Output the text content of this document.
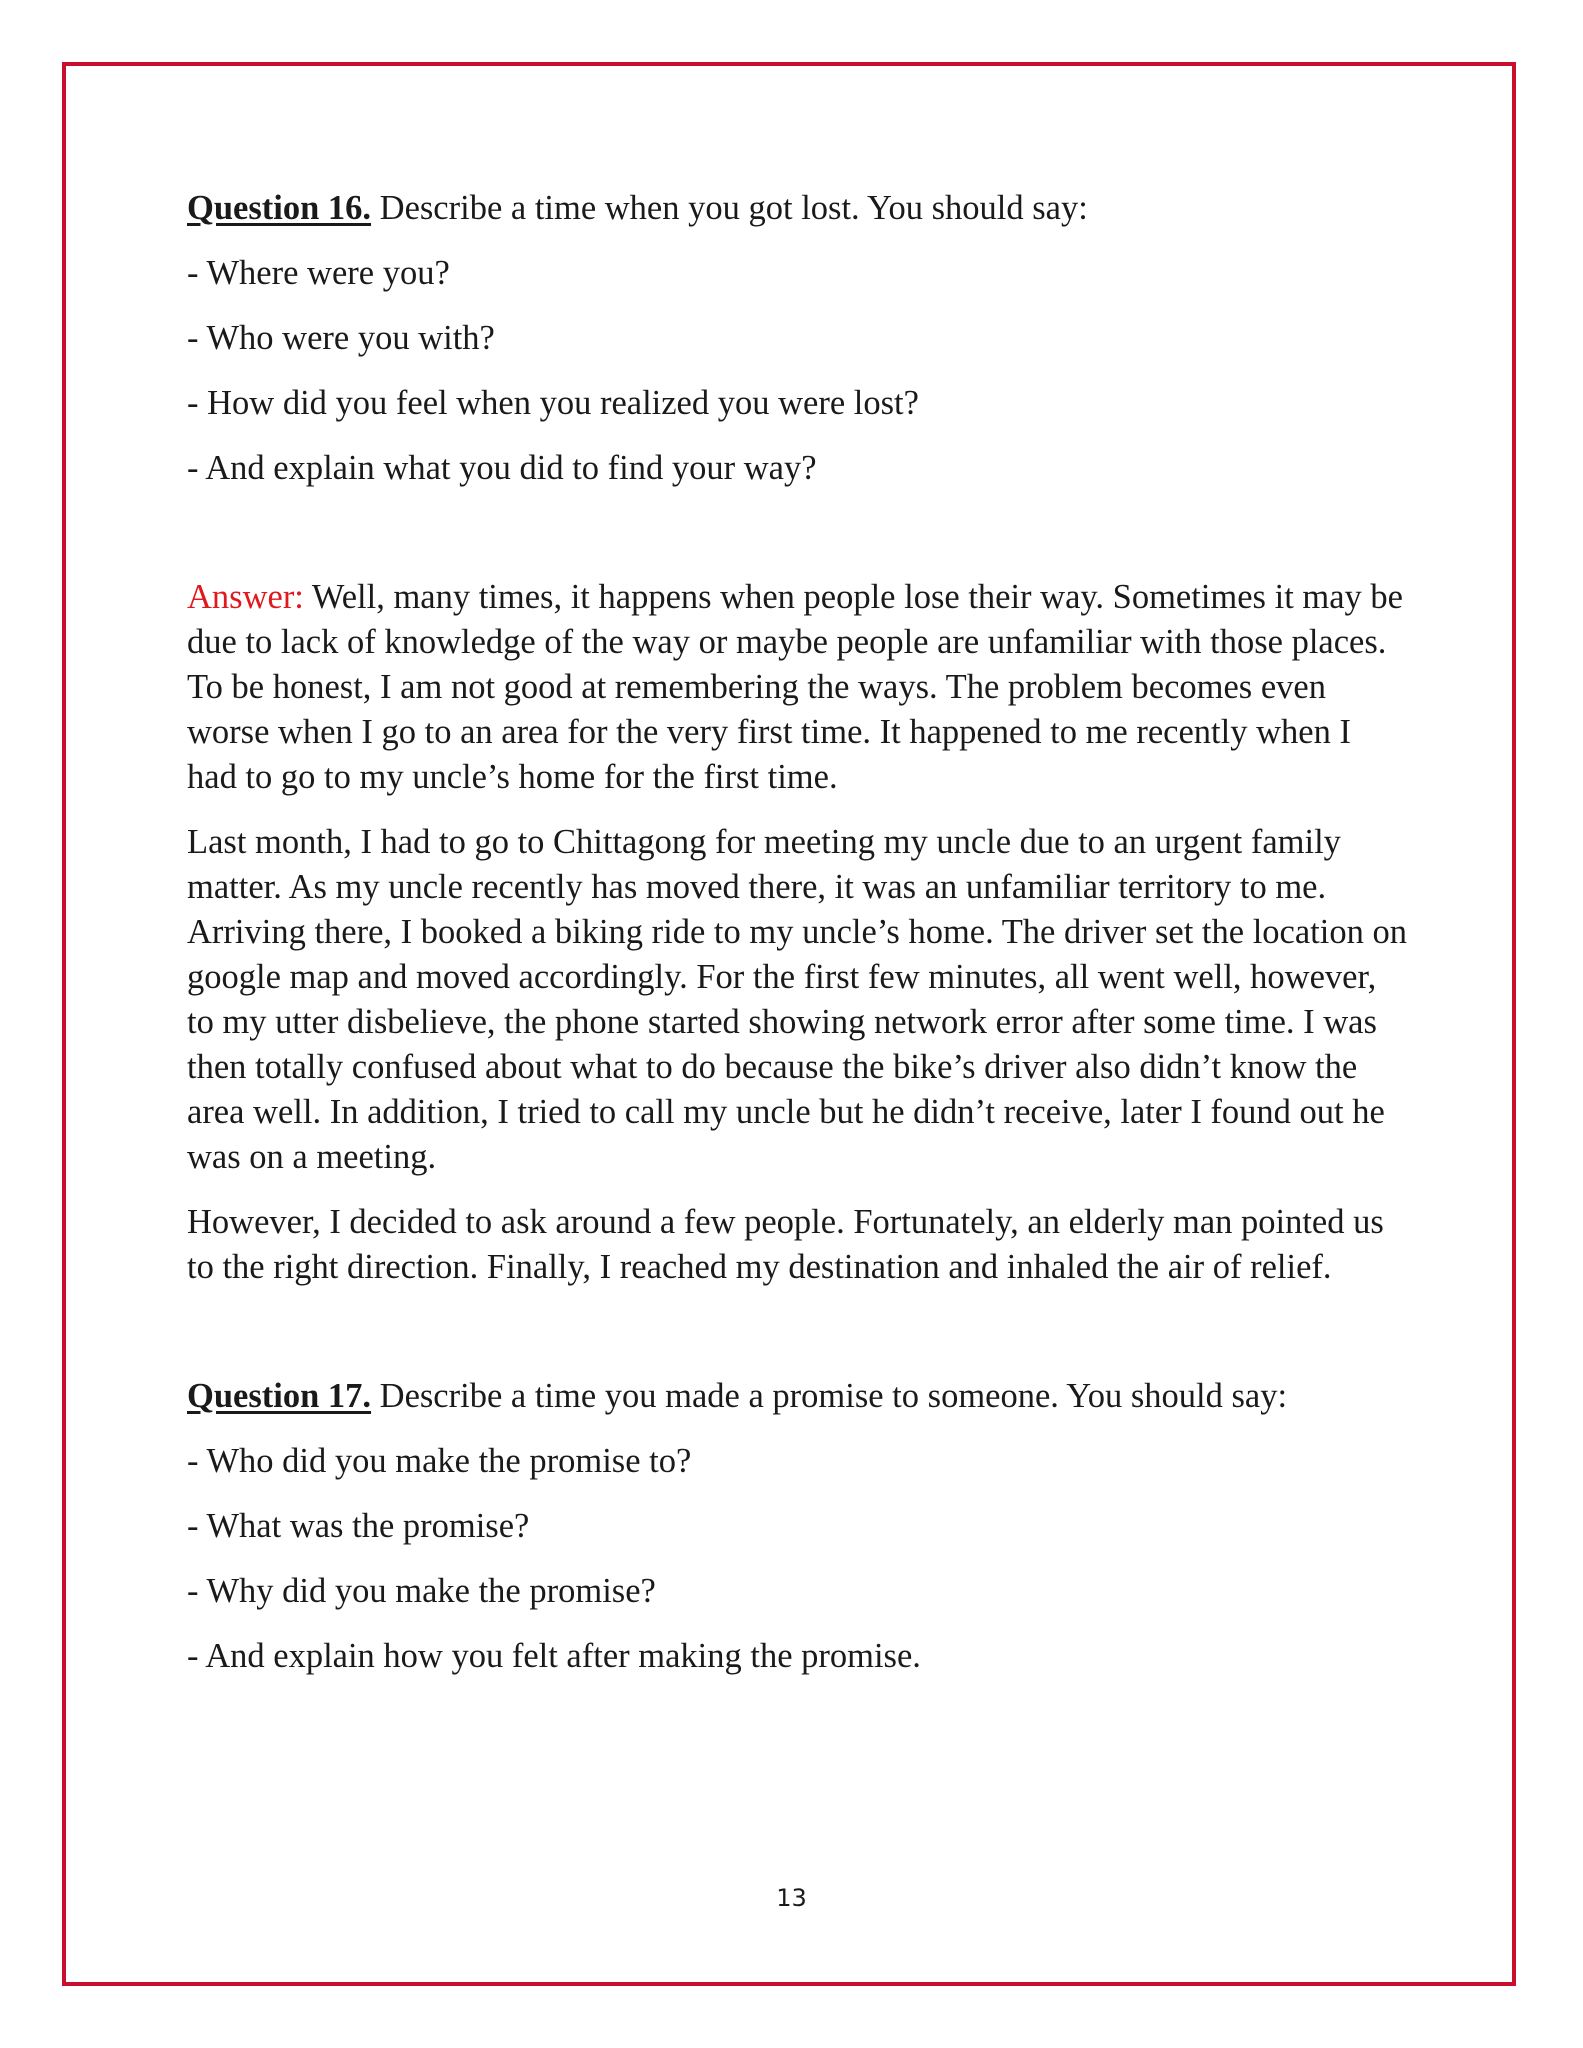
Question 16. Describe a time when you got lost. You should say:

- Where were you?

- Who were you with?

- How did you feel when you realized you were lost?

- And explain what you did to find your way?

Answer: Well, many times, it happens when people lose their way. Sometimes it may be due to lack of knowledge of the way or maybe people are unfamiliar with those places. To be honest, I am not good at remembering the ways. The problem becomes even worse when I go to an area for the very first time. It happened to me recently when I had to go to my uncle’s home for the first time.

Last month, I had to go to Chittagong for meeting my uncle due to an urgent family matter. As my uncle recently has moved there, it was an unfamiliar territory to me. Arriving there, I booked a biking ride to my uncle’s home. The driver set the location on google map and moved accordingly. For the first few minutes, all went well, however, to my utter disbelieve, the phone started showing network error after some time. I was then totally confused about what to do because the bike’s driver also didn’t know the area well. In addition, I tried to call my uncle but he didn’t receive, later I found out he was on a meeting.

However, I decided to ask around a few people. Fortunately, an elderly man pointed us to the right direction. Finally, I reached my destination and inhaled the air of relief.

Question 17. Describe a time you made a promise to someone. You should say:

- Who did you make the promise to?

- What was the promise?

- Why did you make the promise?

- And explain how you felt after making the promise.

13
